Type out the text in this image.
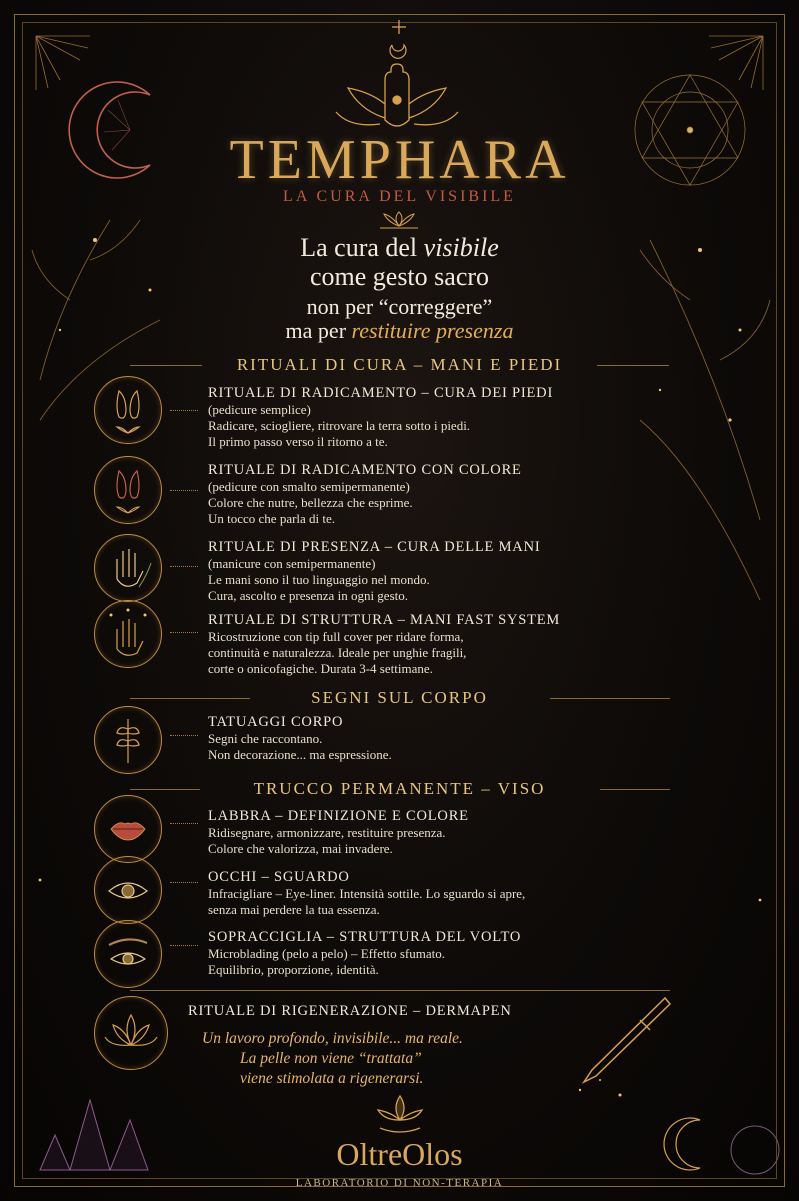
TEMPHARA
LA CURA DEL VISIBILE
La cura del visibile
come gesto sacro
non per “correggere”
ma per restituire presenza
RITUALI DI CURA – MANI E PIEDI
RITUALE DI RADICAMENTO – CURA DEI PIEDI
(pedicure semplice)
Radicare, sciogliere, ritrovare la terra sotto i piedi.
Il primo passo verso il ritorno a te.
RITUALE DI RADICAMENTO CON COLORE
(pedicure con smalto semipermanente)
Colore che nutre, bellezza che esprime.
Un tocco che parla di te.
RITUALE DI PRESENZA – CURA DELLE MANI
(manicure con semipermanente)
Le mani sono il tuo linguaggio nel mondo.
Cura, ascolto e presenza in ogni gesto.
RITUALE DI STRUTTURA – MANI FAST SYSTEM
Ricostruzione con tip full cover per ridare forma,
continuità e naturalezza. Ideale per unghie fragili,
corte o onicofagiche. Durata 3-4 settimane.
SEGNI SUL CORPO
TATUAGGI CORPO
Segni che raccontano.
Non decorazione... ma espressione.
TRUCCO PERMANENTE – VISO
LABBRA – DEFINIZIONE E COLORE
Ridisegnare, armonizzare, restituire presenza.
Colore che valorizza, mai invadere.
OCCHI – SGUARDO
Infracigliare – Eye-liner. Intensità sottile. Lo sguardo si apre,
senza mai perdere la tua essenza.
SOPRACCIGLIA – STRUTTURA DEL VOLTO
Microblading (pelo a pelo) – Effetto sfumato.
Equilibrio, proporzione, identità.
RITUALE DI RIGENERAZIONE – DERMAPEN
Un lavoro profondo, invisibile... ma reale.
La pelle non viene “trattata”
viene stimolata a rigenerarsi.
OltreOlos
LABORATORIO DI NON-TERAPIA
